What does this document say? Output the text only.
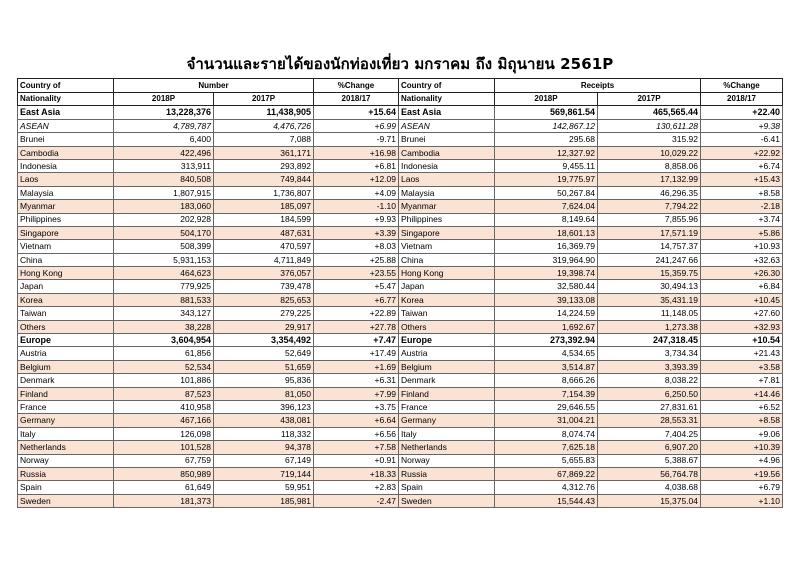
จำนวนและรายได้ของนักท่องเที่ยว มกราคม ถึง มิถุนายน 2561P
Country of	Number		%Change
Nationality	2018P	2017P	2018/17
East Asia	13,228,376	11,438,905	+15.64
ASEAN	4,789,787	4,476,726	+6.99
Brunei	6,400	7,088	-9.71
Cambodia	422,496	361,171	+16.98
Indonesia	313,911	293,892	+6.81
Laos	840,508	749,844	+12.09
Malaysia	1,807,915	1,736,807	+4.09
Myanmar	183,060	185,097	-1.10
Philippines	202,928	184,599	+9.93
Singapore	504,170	487,631	+3.39
Vietnam	508,399	470,597	+8.03
China	5,931,153	4,711,849	+25.88
Hong Kong	464,623	376,057	+23.55
Japan	779,925	739,478	+5.47
Korea	881,533	825,653	+6.77
Taiwan	343,127	279,225	+22.89
Others	38,228	29,917	+27.78
Europe	3,604,954	3,354,492	+7.47
Austria	61,856	52,649	+17.49
Belgium	52,534	51,659	+1.69
Denmark	101,886	95,836	+6.31
Finland	87,523	81,050	+7.99
France	410,958	396,123	+3.75
Germany	467,166	438,081	+6.64
Italy	126,098	118,332	+6.56
Netherlands	101,528	94,378	+7.58
Norway	67,759	67,149	+0.91
Russia	850,989	719,144	+18.33
Spain	61,649	59,951	+2.83
Sweden	181,373	185,981	-2.47
Country of	Receipts		%Change
Nationality	2018P	2017P	2018/17
East Asia	569,861.54	465,565.44	+22.40
ASEAN	142,867.12	130,611.28	+9.38
Brunei	295.68	315.92	-6.41
Cambodia	12,327.92	10,029.22	+22.92
Indonesia	9,455.11	8,858.06	+6.74
Laos	19,775.97	17,132.99	+15.43
Malaysia	50,267.84	46,296.35	+8.58
Myanmar	7,624.04	7,794.22	-2.18
Philippines	8,149.64	7,855.96	+3.74
Singapore	18,601.13	17,571.19	+5.86
Vietnam	16,369.79	14,757.37	+10.93
China	319,964.90	241,247.66	+32.63
Hong Kong	19,398.74	15,359.75	+26.30
Japan	32,580.44	30,494.13	+6.84
Korea	39,133.08	35,431.19	+10.45
Taiwan	14,224.59	11,148.05	+27.60
Others	1,692.67	1,273.38	+32.93
Europe	273,392.94	247,318.45	+10.54
Austria	4,534.65	3,734.34	+21.43
Belgium	3,514.87	3,393.39	+3.58
Denmark	8,666.26	8,038.22	+7.81
Finland	7,154.39	6,250.50	+14.46
France	29,646.55	27,831.61	+6.52
Germany	31,004.21	28,553.31	+8.58
Italy	8,074.74	7,404.25	+9.06
Netherlands	7,625.18	6,907.20	+10.39
Norway	5,655.83	5,388.67	+4.96
Russia	67,869.22	56,764.78	+19.56
Spain	4,312.76	4,038.68	+6.79
Sweden	15,544.43	15,375.04	+1.10
